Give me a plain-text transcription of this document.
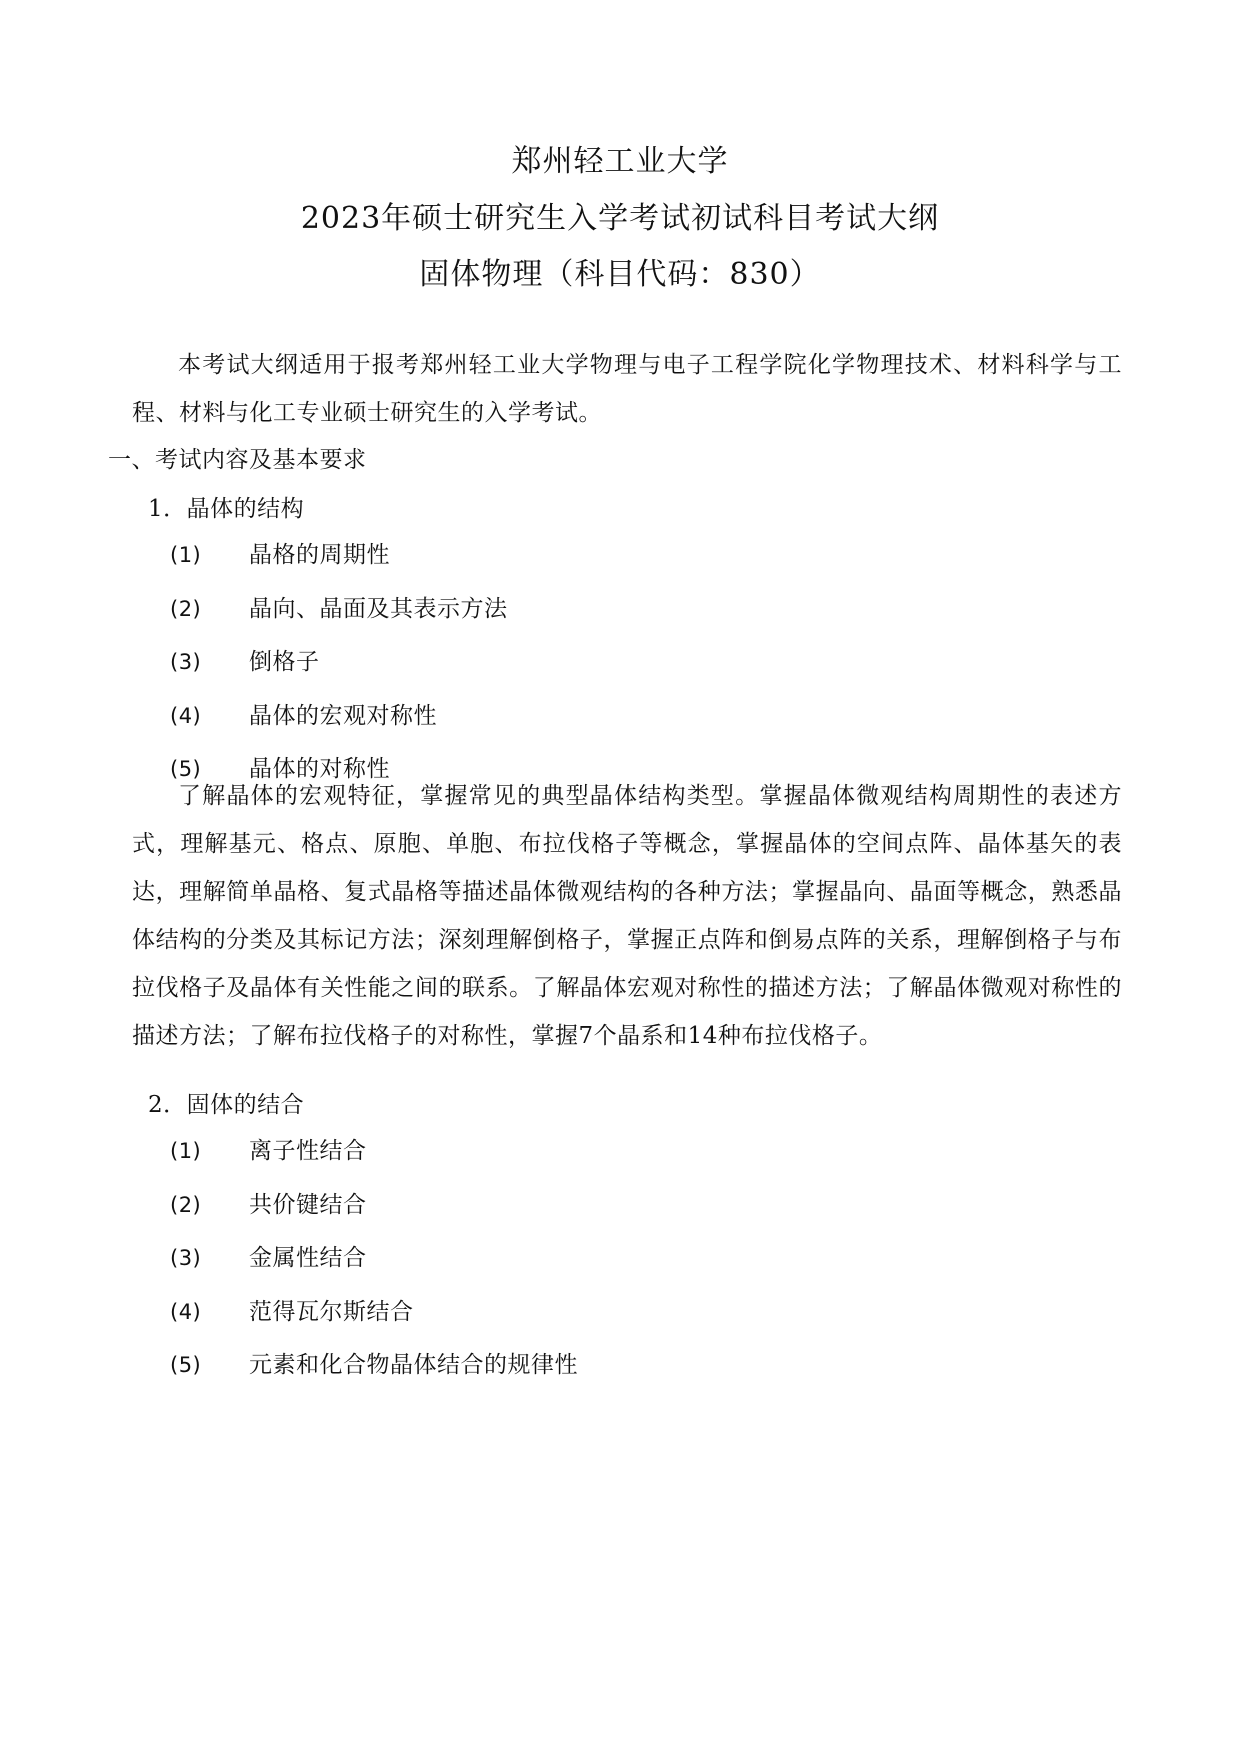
郑州轻工业大学
2023年硕士研究生入学考试初试科目考试大纲
固体物理（科目代码：830）
本考试大纲适用于报考郑州轻工业大学物理与电子工程学院化学物理技术、材料科学与工程、材料与化工专业硕士研究生的入学考试。
一、考试内容及基本要求
1．晶体的结构
(1) 晶格的周期性
(2) 晶向、晶面及其表示方法
(3) 倒格子
(4) 晶体的宏观对称性
(5) 晶体的对称性
了解晶体的宏观特征，掌握常见的典型晶体结构类型。掌握晶体微观结构周期性的表述方式，理解基元、格点、原胞、单胞、布拉伐格子等概念，掌握晶体的空间点阵、晶体基矢的表达，理解简单晶格、复式晶格等描述晶体微观结构的各种方法；掌握晶向、晶面等概念，熟悉晶体结构的分类及其标记方法；深刻理解倒格子，掌握正点阵和倒易点阵的关系，理解倒格子与布拉伐格子及晶体有关性能之间的联系。了解晶体宏观对称性的描述方法；了解晶体微观对称性的描述方法；了解布拉伐格子的对称性，掌握7个晶系和14种布拉伐格子。
2．固体的结合
(1) 离子性结合
(2) 共价键结合
(3) 金属性结合
(4) 范得瓦尔斯结合
(5) 元素和化合物晶体结合的规律性
